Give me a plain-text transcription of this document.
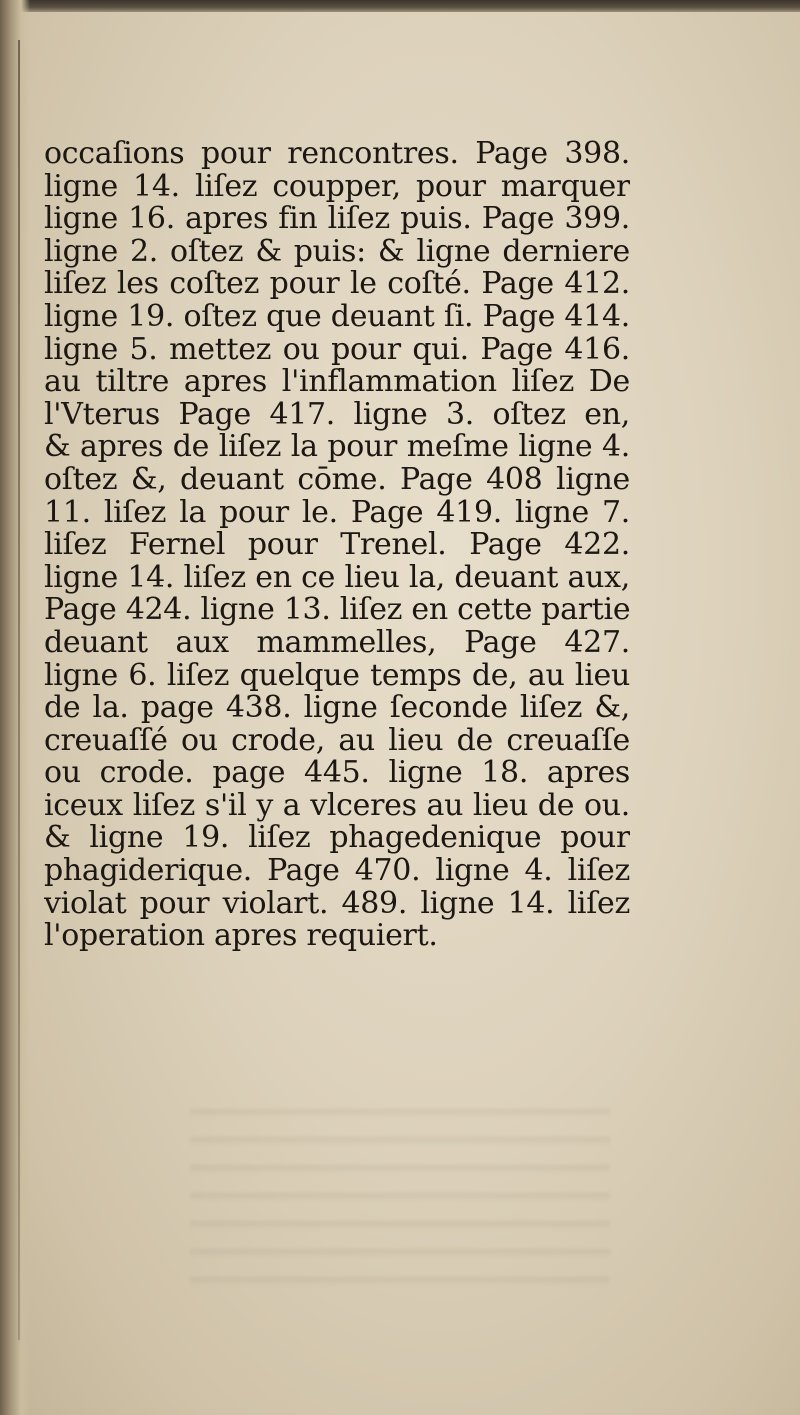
occaſions pour rencontres. Page 398.
ligne 14. liſez coupper, pour marquer
ligne 16. apres fin liſez puis. Page 399.
ligne 2. oſtez & puis: & ligne derniere
liſez les coſtez pour le coſté. Page 412.
ligne 19. oſtez que deuant ſi. Page 414.
ligne 5. mettez ou pour qui. Page 416.
au tiltre apres l'inflammation liſez De
l'Vterus Page 417. ligne 3. oſtez en,
& apres de liſez la pour meſme ligne 4.
oſtez &, deuant cōme. Page 408 ligne
11. liſez la pour le. Page 419. ligne 7.
liſez Fernel pour Trenel. Page 422.
ligne 14. liſez en ce lieu la, deuant aux,
Page 424. ligne 13. liſez en cette partie
deuant aux mammelles, Page 427.
ligne 6. liſez quelque temps de, au lieu
de la. page 438. ligne ſeconde liſez &,
creuaſſé ou crode, au lieu de creuaſſe
ou crode. page 445. ligne 18. apres
iceux liſez s'il y a vlceres au lieu de ou.
& ligne 19. liſez phagedenique pour
phagiderique. Page 470. ligne 4. liſez
violat pour violart. 489. ligne 14. liſez
l'operation apres requiert.
